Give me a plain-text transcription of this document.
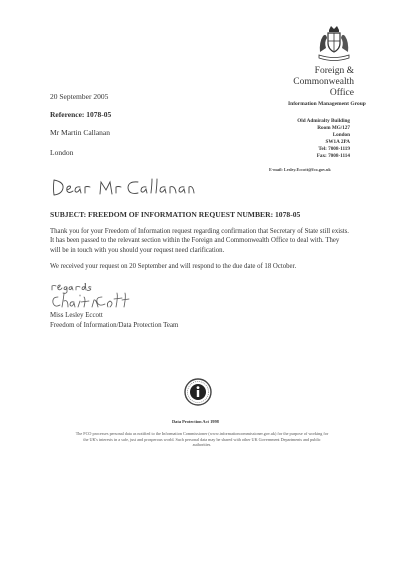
Foreign &
Commonwealth
Office
20 September 2005
Reference: 1078-05
Mr Martin Callanan
London
Information Management Group
Old Admiralty Building
Room MG/127
London
SW1A 2PA
Tel: 7008-1119
Fax: 7008-1114
E-mail: Lesley.Eccott@fco.gov.uk
SUBJECT: FREEDOM OF INFORMATION REQUEST NUMBER: 1078-05
Thank you for your Freedom of Information request regarding confirmation that Secretary of State still exists. It has been passed to the relevant section within the Foreign and Commonwealth Office to deal with. They will be in touch with you should your request need clarification.
We received your request on 20 September and will respond to the due date of 18 October.
Miss Lesley Eccott
Freedom of Information/Data Protection Team
Data Protection Act 1998
The FCO processes personal data as notified to the Information Commissioner (www.informationcommissioner.gov.uk) for the purpose of working for the UK's interests in a safe, just and prosperous world. Such personal data may be shared with other UK Government Departments and public authorities.
